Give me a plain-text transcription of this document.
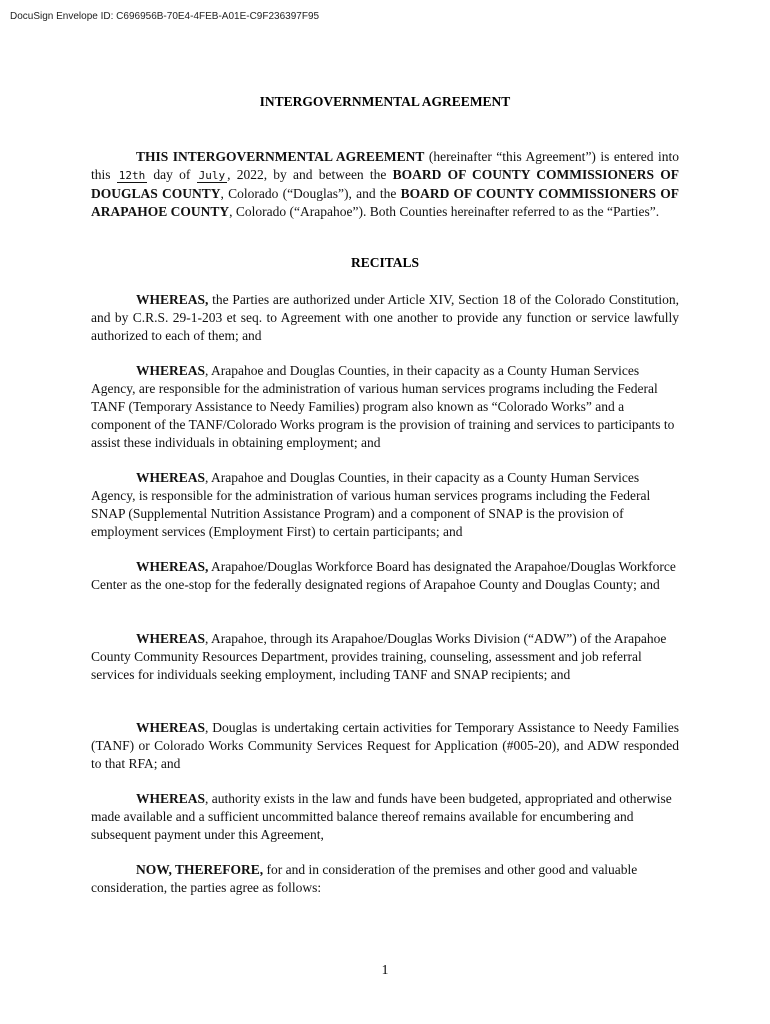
DocuSign Envelope ID: C696956B-70E4-4FEB-A01E-C9F236397F95
INTERGOVERNMENTAL AGREEMENT

THIS INTERGOVERNMENTAL AGREEMENT (hereinafter “this Agreement”) is entered into this 12th day of July , 2022, by and between the BOARD OF COUNTY COMMISSIONERS OF DOUGLAS COUNTY, Colorado (“Douglas”), and the BOARD OF COUNTY COMMISSIONERS OF ARAPAHOE COUNTY, Colorado (“Arapahoe”). Both Counties hereinafter referred to as the “Parties”.

RECITALS

WHEREAS, the Parties are authorized under Article XIV, Section 18 of the Colorado Constitution, and by C.R.S. 29-1-203 et seq. to Agreement with one another to provide any function or service lawfully authorized to each of them; and

WHEREAS, Arapahoe and Douglas Counties, in their capacity as a County Human Services Agency, are responsible for the administration of various human services programs including the Federal TANF (Temporary Assistance to Needy Families) program also known as “Colorado Works” and a component of the TANF/Colorado Works program is the provision of training and services to participants to assist these individuals in obtaining employment; and

WHEREAS, Arapahoe and Douglas Counties, in their capacity as a County Human Services Agency, is responsible for the administration of various human services programs including the Federal SNAP (Supplemental Nutrition Assistance Program) and a component of SNAP is the provision of employment services (Employment First) to certain participants; and

WHEREAS, Arapahoe/Douglas Workforce Board has designated the Arapahoe/Douglas Workforce Center as the one-stop for the federally designated regions of Arapahoe County and Douglas County; and

WHEREAS, Arapahoe, through its Arapahoe/Douglas Works Division (“ADW”) of the Arapahoe County Community Resources Department, provides training, counseling, assessment and job referral services for individuals seeking employment, including TANF and SNAP recipients; and

WHEREAS, Douglas is undertaking certain activities for Temporary Assistance to Needy Families (TANF) or Colorado Works Community Services Request for Application (#005-20), and ADW responded to that RFA; and

WHEREAS, authority exists in the law and funds have been budgeted, appropriated and otherwise made available and a sufficient uncommitted balance thereof remains available for encumbering and subsequent payment under this Agreement,

NOW, THEREFORE, for and in consideration of the premises and other good and valuable consideration, the parties agree as follows:

1
